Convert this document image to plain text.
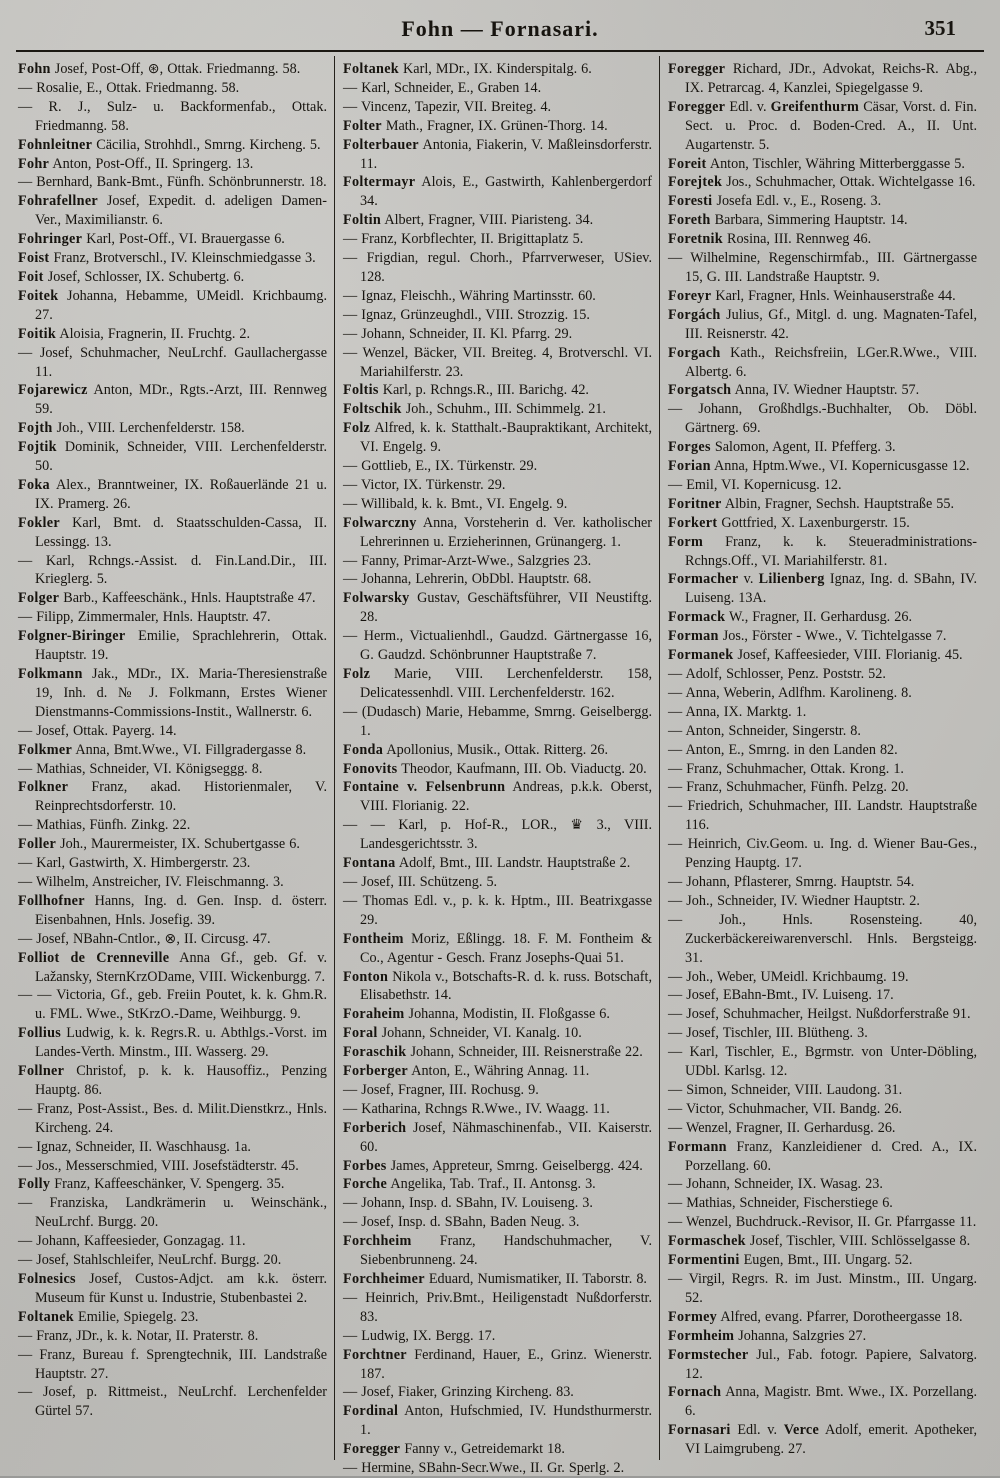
Fohn — Fornasari.	351

Fohn Josef, Post-Off, ⊛, Ottak. Friedmanng. 58.

— Rosalie, E., Ottak. Friedmanng. 58.

— R. J., Sulz- u. Backformenfab., Ottak. Friedmanng. 58.

Fohnleitner Cäcilia, Strohhdl., Smrng. Kircheng. 5.

Fohr Anton, Post-Off., II. Springerg. 13.

— Bernhard, Bank-Bmt., Fünfh. Schönbrunnerstr. 18.

Fohrafellner Josef, Expedit. d. adeligen Damen-Ver., Maximilianstr. 6.

Fohringer Karl, Post-Off., VI. Brauergasse 6.

Foist Franz, Brotverschl., IV. Kleinschmiedgasse 3.

Foit Josef, Schlosser, IX. Schubertg. 6.

Foitek Johanna, Hebamme, UMeidl. Krichbaumg. 27.

Foitik Aloisia, Fragnerin, II. Fruchtg. 2.

— Josef, Schuhmacher, NeuLrchf. Gaullachergasse 11.

Fojarewicz Anton, MDr., Rgts.-Arzt, III. Rennweg 59.

Fojth Joh., VIII. Lerchenfelderstr. 158.

Fojtik Dominik, Schneider, VIII. Lerchenfelderstr. 50.

Foka Alex., Branntweiner, IX. Roßauerlände 21 u. IX. Pramerg. 26.

Fokler Karl, Bmt. d. Staatsschulden-Cassa, II. Lessingg. 13.

— Karl, Rchngs.-Assist. d. Fin.Land.Dir., III. Krieglerg. 5.

Folger Barb., Kaffeeschänk., Hnls. Hauptstraße 47.

— Filipp, Zimmermaler, Hnls. Hauptstr. 47.

Folgner-Biringer Emilie, Sprachlehrerin, Ottak. Hauptstr. 19.

Folkmann Jak., MDr., IX. Maria-Theresienstraße 19, Inh. d. № J. Folkmann, Erstes Wiener Dienstmanns-Commissions-Instit., Wallnerstr. 6.

— Josef, Ottak. Payerg. 14.

Folkmer Anna, Bmt.Wwe., VI. Fillgradergasse 8.

— Mathias, Schneider, VI. Königseggg. 8.

Folkner Franz, akad. Historienmaler, V. Reinprechtsdorferstr. 10.

— Mathias, Fünfh. Zinkg. 22.

Foller Joh., Maurermeister, IX. Schubertgasse 6.

— Karl, Gastwirth, X. Himbergerstr. 23.

— Wilhelm, Anstreicher, IV. Fleischmanng. 3.

Follhofner Hanns, Ing. d. Gen. Insp. d. österr. Eisenbahnen, Hnls. Josefig. 39.

— Josef, NBahn-Cntlor., ⊗, II. Circusg. 47.

Folliot de Crenneville Anna Gf., geb. Gf. v. Lažansky, SternKrzODame, VIII. Wickenburgg. 7.

— — Victoria, Gf., geb. Freiin Poutet, k. k. Ghm.R. u. FML. Wwe., StKrzO.-Dame, Weihburgg. 9.

Follius Ludwig, k. k. Regrs.R. u. Abthlgs.-Vorst. im Landes-Verth. Minstm., III. Wasserg. 29.

Follner Christof, p. k. k. Hausoffiz., Penzing Hauptg. 86.

— Franz, Post-Assist., Bes. d. Milit.Dienstkrz., Hnls. Kircheng. 24.

— Ignaz, Schneider, II. Waschhausg. 1a.

— Jos., Messerschmied, VIII. Josefstädterstr. 45.

Folly Franz, Kaffeeschänker, V. Spengerg. 35.

— Franziska, Landkrämerin u. Weinschänk., NeuLrchf. Burgg. 20.

— Johann, Kaffeesieder, Gonzagag. 11.

— Josef, Stahlschleifer, NeuLrchf. Burgg. 20.

Folnesics Josef, Custos-Adjct. am k.k. österr. Museum für Kunst u. Industrie, Stubenbastei 2.

Foltanek Emilie, Spiegelg. 23.

— Franz, JDr., k. k. Notar, II. Praterstr. 8.

— Franz, Bureau f. Sprengtechnik, III. Landstraße Hauptstr. 27.

— Josef, p. Rittmeist., NeuLrchf. Lerchenfelder Gürtel 57.

Foltanek Karl, MDr., IX. Kinderspitalg. 6.

— Karl, Schneider, E., Graben 14.

— Vincenz, Tapezir, VII. Breiteg. 4.

Folter Math., Fragner, IX. Grünen-Thorg. 14.

Folterbauer Antonia, Fiakerin, V. Maßleinsdorferstr. 11.

Foltermayr Alois, E., Gastwirth, Kahlenbergerdorf 34.

Foltin Albert, Fragner, VIII. Piaristeng. 34.

— Franz, Korbflechter, II. Brigittaplatz 5.

— Frigdian, regul. Chorh., Pfarrverweser, USiev. 128.

— Ignaz, Fleischh., Währing Martinsstr. 60.

— Ignaz, Grünzeughdl., VIII. Strozzig. 15.

— Johann, Schneider, II. Kl. Pfarrg. 29.

— Wenzel, Bäcker, VII. Breiteg. 4, Brotverschl. VI. Mariahilferstr. 23.

Foltis Karl, p. Rchngs.R., III. Barichg. 42.

Foltschik Joh., Schuhm., III. Schimmelg. 21.

Folz Alfred, k. k. Statthalt.-Baupraktikant, Architekt, VI. Engelg. 9.

— Gottlieb, E., IX. Türkenstr. 29.

— Victor, IX. Türkenstr. 29.

— Willibald, k. k. Bmt., VI. Engelg. 9.

Folwarczny Anna, Vorsteherin d. Ver. katholischer Lehrerinnen u. Erzieherinnen, Grünangerg. 1.

— Fanny, Primar-Arzt-Wwe., Salzgries 23.

— Johanna, Lehrerin, ObDbl. Hauptstr. 68.

Folwarsky Gustav, Geschäftsführer, VII Neustiftg. 28.

— Herm., Victualienhdl., Gaudzd. Gärtnergasse 16, G. Gaudzd. Schönbrunner Hauptstraße 7.

Folz Marie, VIII. Lerchenfelderstr. 158, Delicatessenhdl. VIII. Lerchenfelderstr. 162.

— (Dudasch) Marie, Hebamme, Smrng. Geiselbergg. 1.

Fonda Apollonius, Musik., Ottak. Ritterg. 26.

Fonovits Theodor, Kaufmann, III. Ob. Viaductg. 20.

Fontaine v. Felsenbrunn Andreas, p.k.k. Oberst, VIII. Florianig. 22.

— — Karl, p. Hof-R., LOR., ♛ 3., VIII. Landesgerichtsstr. 3.

Fontana Adolf, Bmt., III. Landstr. Hauptstraße 2.

— Josef, III. Schützeng. 5.

— Thomas Edl. v., p. k. k. Hptm., III. Beatrixgasse 29.

Fontheim Moriz, Eßlingg. 18. F. M. Fontheim & Co., Agentur - Gesch. Franz Josephs-Quai 51.

Fonton Nikola v., Botschafts-R. d. k. russ. Botschaft, Elisabethstr. 14.

Foraheim Johanna, Modistin, II. Floßgasse 6.

Foral Johann, Schneider, VI. Kanalg. 10.

Foraschik Johann, Schneider, III. Reisnerstraße 22.

Forberger Anton, E., Währing Annag. 11.

— Josef, Fragner, III. Rochusg. 9.

— Katharina, Rchngs R.Wwe., IV. Waagg. 11.

Forberich Josef, Nähmaschinenfab., VII. Kaiserstr. 60.

Forbes James, Appreteur, Smrng. Geiselbergg. 424.

Forche Angelika, Tab. Traf., II. Antonsg. 3.

— Johann, Insp. d. SBahn, IV. Louiseng. 3.

— Josef, Insp. d. SBahn, Baden Neug. 3.

Forchheim Franz, Handschuhmacher, V. Siebenbrunneng. 24.

Forchheimer Eduard, Numismatiker, II. Taborstr. 8.

— Heinrich, Priv.Bmt., Heiligenstadt Nußdorferstr. 83.

— Ludwig, IX. Bergg. 17.

Forchtner Ferdinand, Hauer, E., Grinz. Wienerstr. 187.

— Josef, Fiaker, Grinzing Kircheng. 83.

Fordinal Anton, Hufschmied, IV. Hundsthurmerstr. 1.

Foregger Fanny v., Getreidemarkt 18.

— Hermine, SBahn-Secr.Wwe., II. Gr. Sperlg. 2.

Foregger Richard, JDr., Advokat, Reichs-R. Abg., IX. Petrarcag. 4, Kanzlei, Spiegelgasse 9.

Foregger Edl. v. Greifenthurm Cäsar, Vorst. d. Fin. Sect. u. Proc. d. Boden-Cred. A., II. Unt. Augartenstr. 5.

Foreit Anton, Tischler, Währing Mitterberggasse 5.

Forejtek Jos., Schuhmacher, Ottak. Wichtelgasse 16.

Foresti Josefa Edl. v., E., Roseng. 3.

Foreth Barbara, Simmering Hauptstr. 14.

Foretnik Rosina, III. Rennweg 46.

— Wilhelmine, Regenschirmfab., III. Gärtnergasse 15, G. III. Landstraße Hauptstr. 9.

Foreyr Karl, Fragner, Hnls. Weinhauserstraße 44.

Forgách Julius, Gf., Mitgl. d. ung. Magnaten-Tafel, III. Reisnerstr. 42.

Forgach Kath., Reichsfreiin, LGer.R.Wwe., VIII. Albertg. 6.

Forgatsch Anna, IV. Wiedner Hauptstr. 57.

— Johann, Großhdlgs.-Buchhalter, Ob. Döbl. Gärtnerg. 69.

Forges Salomon, Agent, II. Pfefferg. 3.

Forian Anna, Hptm.Wwe., VI. Kopernicusgasse 12.

— Emil, VI. Kopernicusg. 12.

Foritner Albin, Fragner, Sechsh. Hauptstraße 55.

Forkert Gottfried, X. Laxenburgerstr. 15.

Form Franz, k. k. Steueradministrations-Rchngs.Off., VI. Mariahilferstr. 81.

Formacher v. Lilienberg Ignaz, Ing. d. SBahn, IV. Luiseng. 13A.

Formack W., Fragner, II. Gerhardusg. 26.

Forman Jos., Förster - Wwe., V. Tichtelgasse 7.

Formanek Josef, Kaffeesieder, VIII. Florianig. 45.

— Adolf, Schlosser, Penz. Poststr. 52.

— Anna, Weberin, Adlfhm. Karolineng. 8.

— Anna, IX. Marktg. 1.

— Anton, Schneider, Singerstr. 8.

— Anton, E., Smrng. in den Landen 82.

— Franz, Schuhmacher, Ottak. Krong. 1.

— Franz, Schuhmacher, Fünfh. Pelzg. 20.

— Friedrich, Schuhmacher, III. Landstr. Hauptstraße 116.

— Heinrich, Civ.Geom. u. Ing. d. Wiener Bau-Ges., Penzing Hauptg. 17.

— Johann, Pflasterer, Smrng. Hauptstr. 54.

— Joh., Schneider, IV. Wiedner Hauptstr. 2.

— Joh., Hnls. Rosensteing. 40, Zuckerbäckereiwarenverschl. Hnls. Bergsteigg. 31.

— Joh., Weber, UMeidl. Krichbaumg. 19.

— Josef, EBahn-Bmt., IV. Luiseng. 17.

— Josef, Schuhmacher, Heilgst. Nußdorferstraße 91.

— Josef, Tischler, III. Blütheng. 3.

— Karl, Tischler, E., Bgrmstr. von Unter-Döbling, UDbl. Karlsg. 12.

— Simon, Schneider, VIII. Laudong. 31.

— Victor, Schuhmacher, VII. Bandg. 26.

— Wenzel, Fragner, II. Gerhardusg. 26.

Formann Franz, Kanzleidiener d. Cred. A., IX. Porzellang. 60.

— Johann, Schneider, IX. Wasag. 23.

— Mathias, Schneider, Fischerstiege 6.

— Wenzel, Buchdruck.-Revisor, II. Gr. Pfarrgasse 11.

Formaschek Josef, Tischler, VIII. Schlösselgasse 8.

Formentini Eugen, Bmt., III. Ungarg. 52.

— Virgil, Regrs. R. im Just. Minstm., III. Ungarg. 52.

Formey Alfred, evang. Pfarrer, Dorotheergasse 18.

Formheim Johanna, Salzgries 27.

Formstecher Jul., Fab. fotogr. Papiere, Salvatorg. 12.

Fornach Anna, Magistr. Bmt. Wwe., IX. Porzellang. 6.

Fornasari Edl. v. Verce Adolf, emerit. Apotheker, VI Laimgrubeng. 27.
